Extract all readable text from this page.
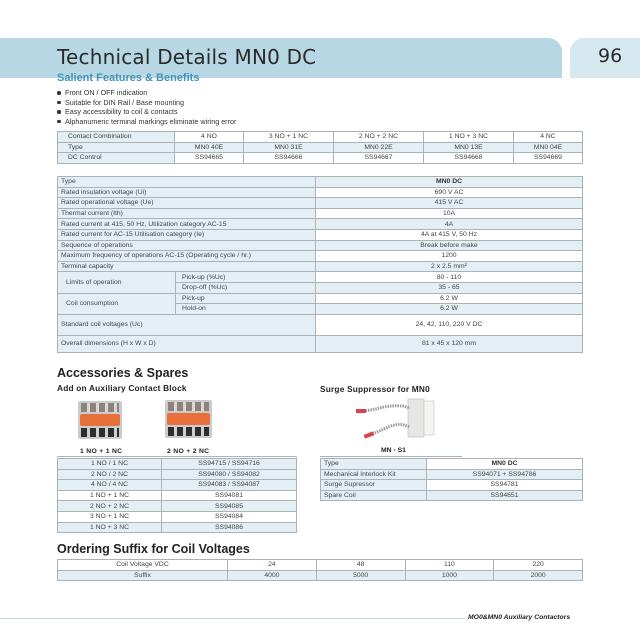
Technical Details MN0 DC	96
Salient Features & Benefits
Front ON / OFF indication
Suitable for DIN Rail / Base mounting
Easy accessibility to coil & contacts
Alphanumeric terminal markings eliminate wiring error
Contact Combination	4 NO	3 NO + 1 NC	2 NO + 2 NC	1 NO + 3 NC	4 NC
Type	MN0 40E	MN0 31E	MN0 22E	MN0 13E	MN0 04E
DC Control	SS94665	SS94666	SS94667	SS94668	SS94669
Type		MN0 DC
Rated insulation voltage (Ui)		690 V AC
Rated operational voltage (Ue)		415 V AC
Thermal current (Ith)		10A
Rated current at 415, 50 Hz, Utilization category AC-15		4A
Rated current for AC-15 Utilisation category (Ie)		4A at 415 V, 50 Hz
Sequence of operations		Break before make
Maximum frequency of operations AC-15 (Operating cycle / hr.)		1200
Terminal capacity		2 x 2.5 mm²
Limits of operation	Pick-up (%Uc)	80 - 110
	Drop-off (%Uc)	35 - 65
Coil consumption	Pick-up	6.2 W
	Hold-on	6.2 W
Standard coil voltages (Uc)		24, 42, 110, 220 V DC
Overall dimensions (H x W x D)		81 x 45 x 120 mm
Accessories & Spares
Add on Auxiliary Contact Block	Surge Suppressor for MN0
1 NO + 1 NC	2 NO + 2 NC	MN - S1
1 NO / 1 NC	SS94715 / SS94716
2 NO / 2 NC	SS94080 / SS94082
4 NO / 4 NC	SS94083 / SS94087
1 NO + 1 NC	SS94081
2 NO + 2 NC	SS94085
3 NO + 1 NC	SS94084
1 NO + 3 NC	SS94086
Type	MN0 DC
Mechanical Interlock Kit	SS94071 + SS94786
Surge Supressor	SS94781
Spare Coil	SS94651
Ordering Suffix for Coil Voltages
Coil Voltage VDC	24	48	110	220
Suffix	4000	5000	1000	2000
MO0&MN0 Auxiliary Contactors
